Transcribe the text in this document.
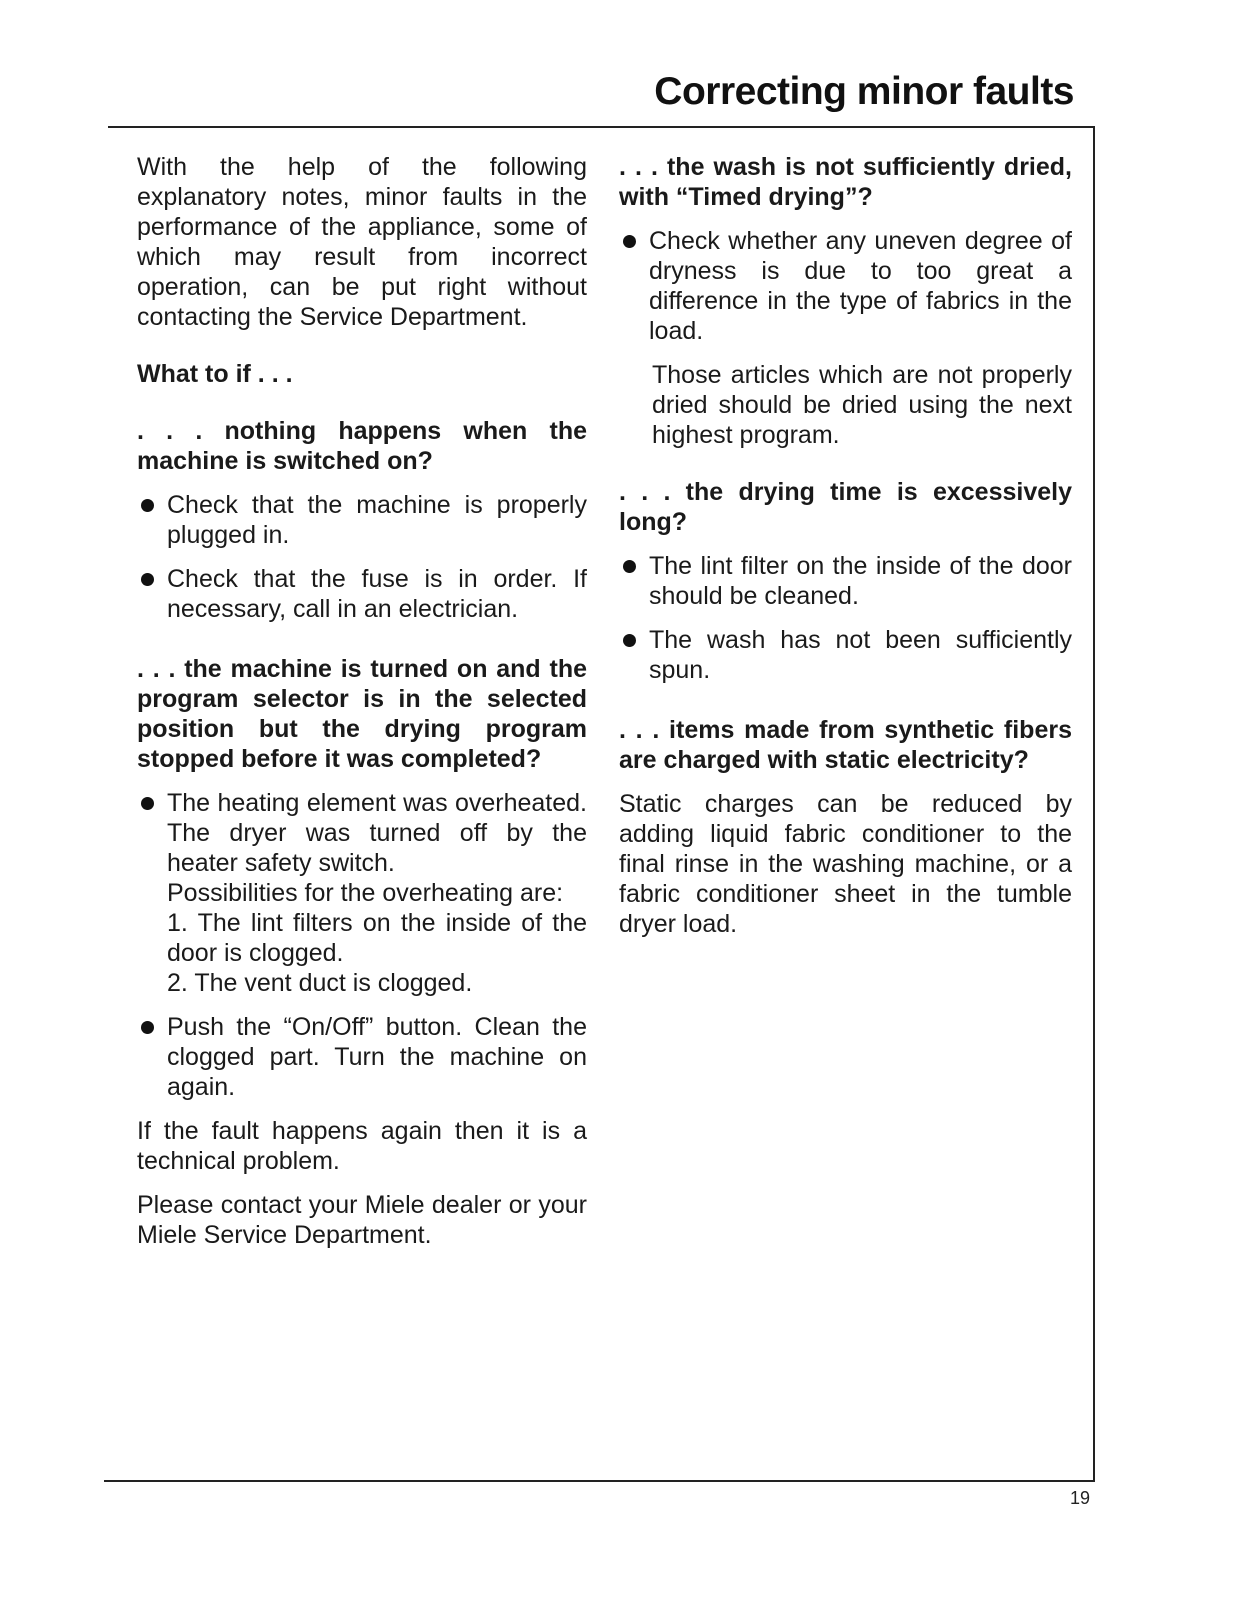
Correcting minor faults

With the help of the following explanatory notes, minor faults in the performance of the appliance, some of which may result from incorrect operation, can be put right without contacting the Service Department.

What to if . . .

. . . nothing happens when the machine is switched on?

Check that the machine is properly plugged in.
Check that the fuse is in order. If necessary, call in an electrician.

. . . the machine is turned on and the program selector is in the selected position but the drying program stopped before it was completed?

The heating element was overheated. The dryer was turned off by the heater safety switch.
Possibilities for the overheating are:
1. The lint filters on the inside of the door is clogged.
2. The vent duct is clogged.
Push the “On/Off” button. Clean the clogged part. Turn the machine on again.

If the fault happens again then it is a technical problem.

Please contact your Miele dealer or your Miele Service Department.

. . . the wash is not sufficiently dried, with “Timed drying”?

Check whether any uneven degree of dryness is due to too great a difference in the type of fabrics in the load.

Those articles which are not properly dried should be dried using the next highest program.

. . . the drying time is excessively long?

The lint filter on the inside of the door should be cleaned.
The wash has not been sufficiently spun.

. . . items made from synthetic fibers are charged with static electricity?

Static charges can be reduced by adding liquid fabric conditioner to the final rinse in the washing machine, or a fabric conditioner sheet in the tumble dryer load.

19
